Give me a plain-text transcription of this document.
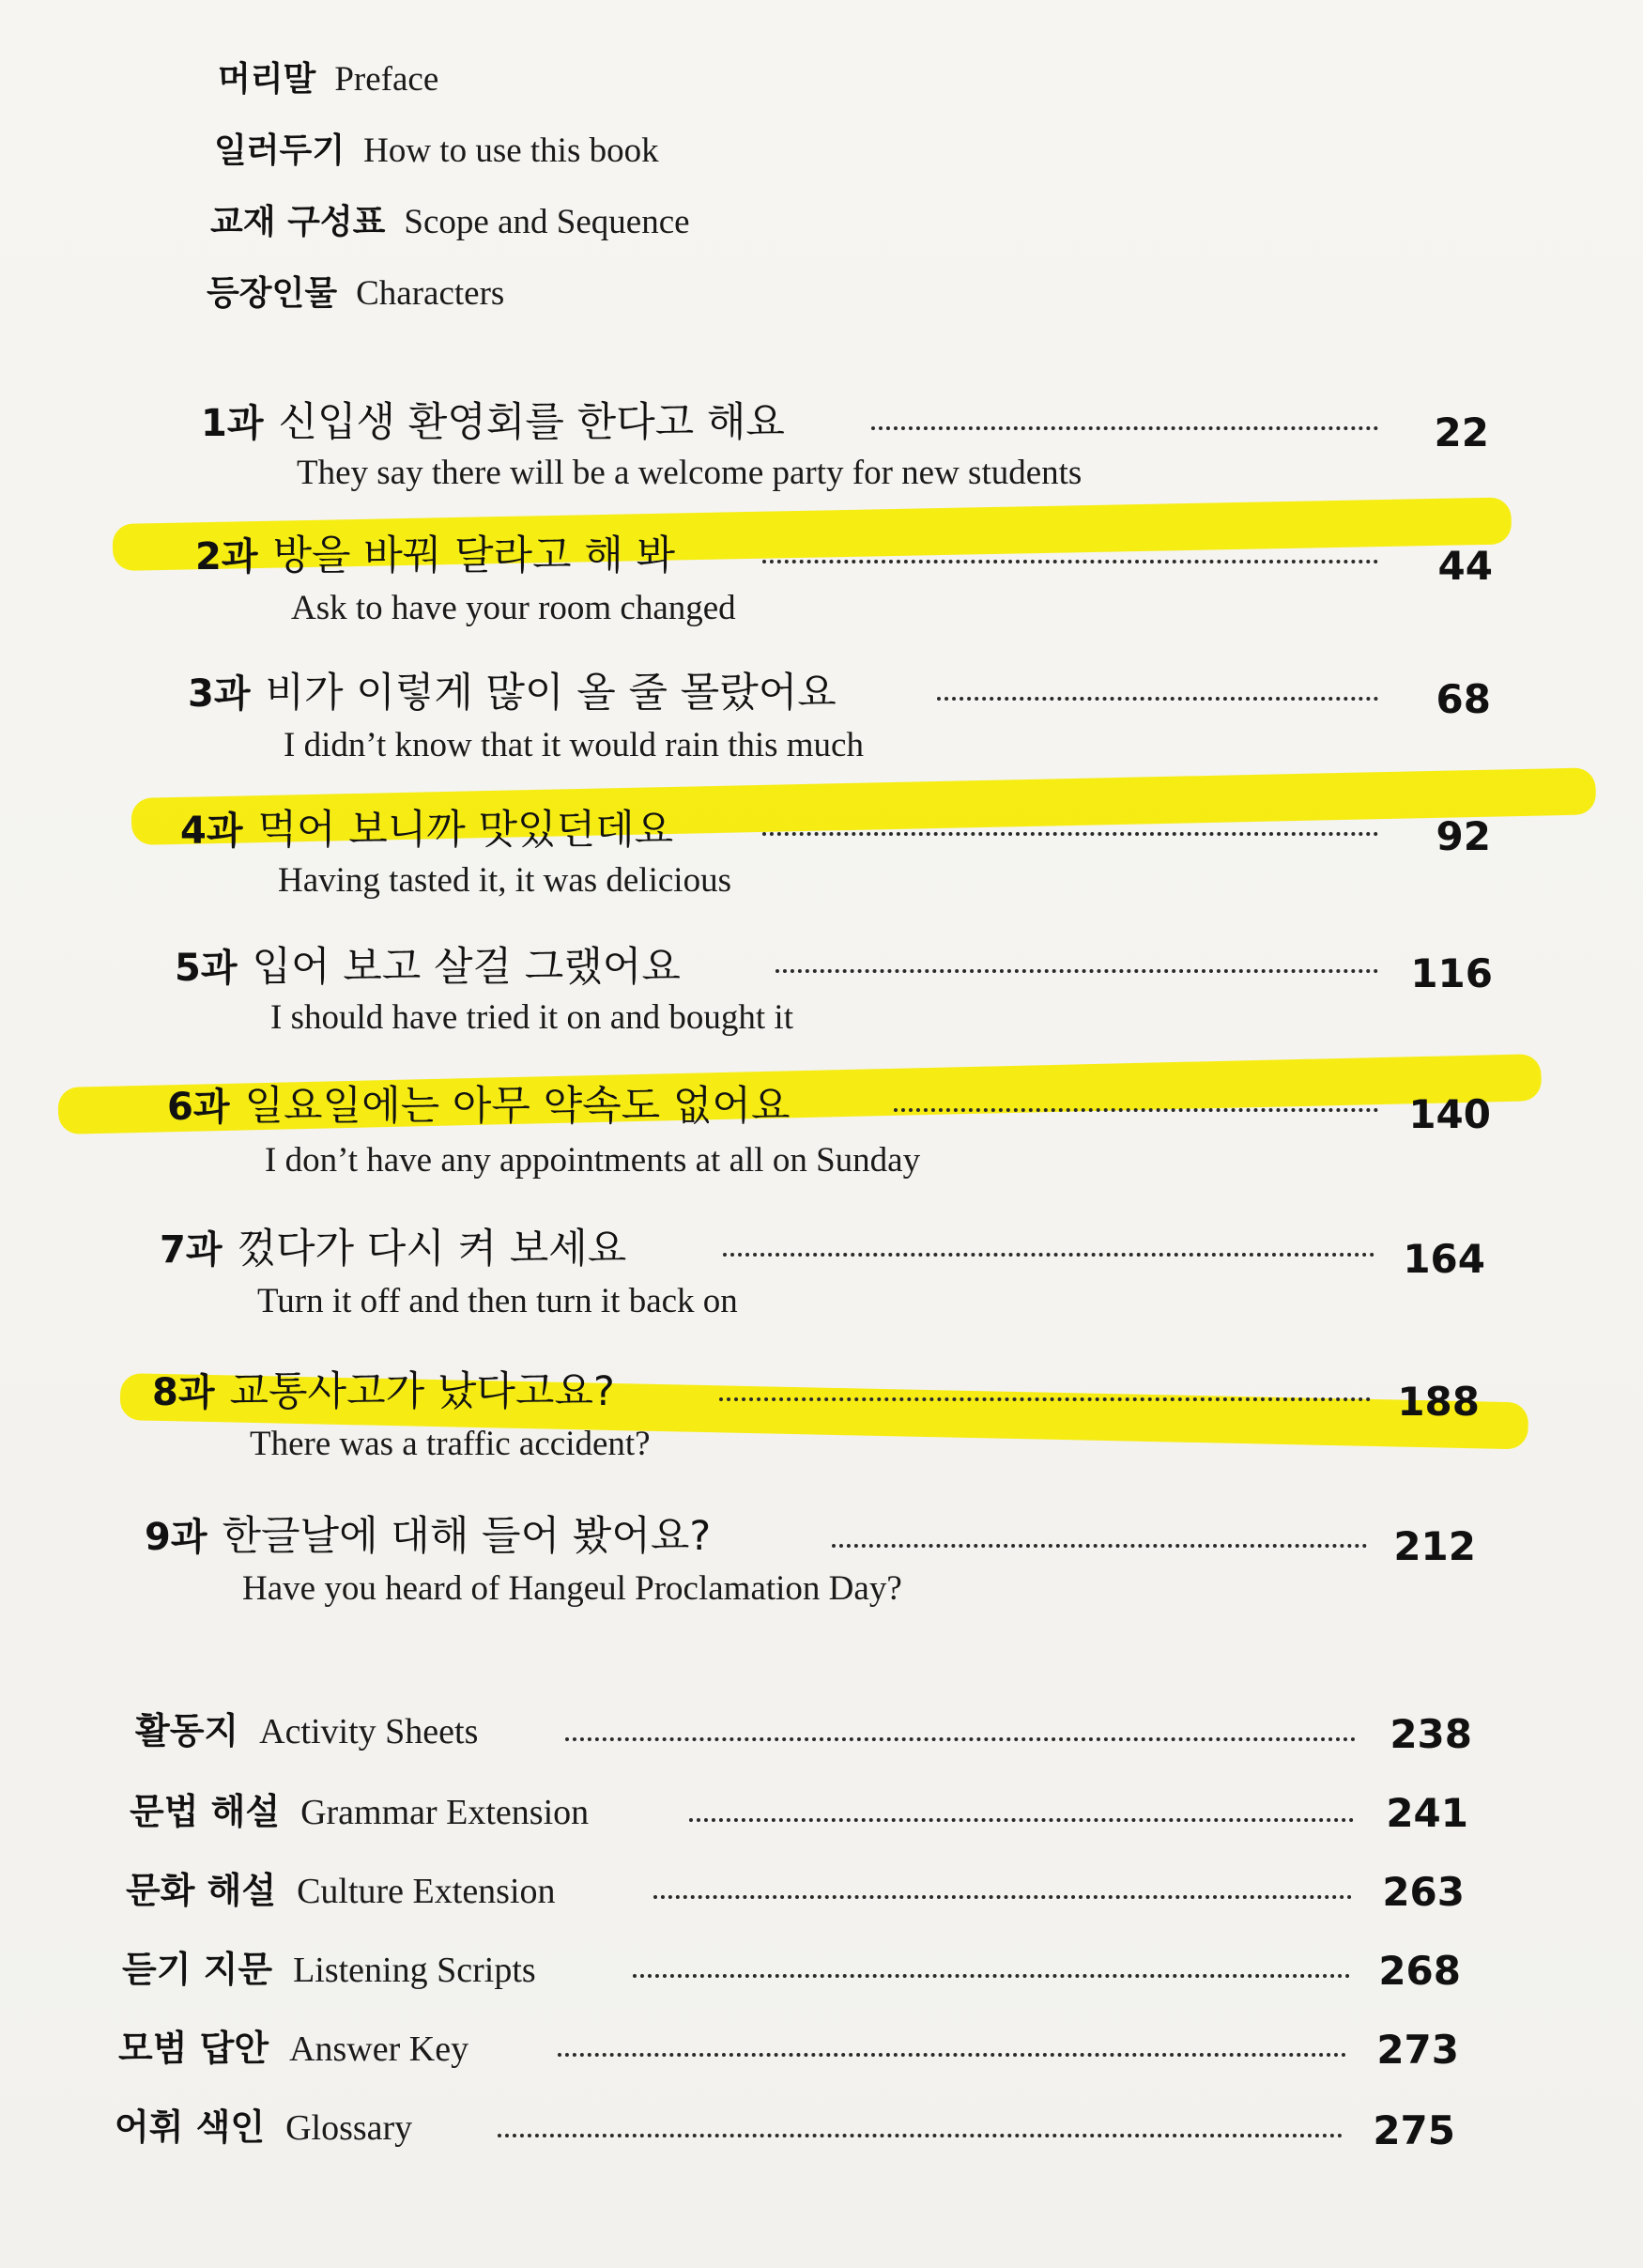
머리말 Preface
일러두기 How to use this book
교재 구성표 Scope and Sequence
등장인물 Characters
1과 신입생 환영회를 한다고 해요	22
They say there will be a welcome party for new students
2과 방을 바꿔 달라고 해 봐	44
Ask to have your room changed
3과 비가 이렇게 많이 올 줄 몰랐어요	68
I didn’t know that it would rain this much
4과 먹어 보니까 맛있던데요	92
Having tasted it, it was delicious
5과 입어 보고 살걸 그랬어요	116
I should have tried it on and bought it
6과 일요일에는 아무 약속도 없어요	140
I don’t have any appointments at all on Sunday
7과 껐다가 다시 켜 보세요	164
Turn it off and then turn it back on
8과 교통사고가 났다고요?	188
There was a traffic accident?
9과 한글날에 대해 들어 봤어요?	212
Have you heard of Hangeul Proclamation Day?
활동지 Activity Sheets	238
문법 해설 Grammar Extension	241
문화 해설 Culture Extension	263
듣기 지문 Listening Scripts	268
모범 답안 Answer Key	273
어휘 색인 Glossary	275
